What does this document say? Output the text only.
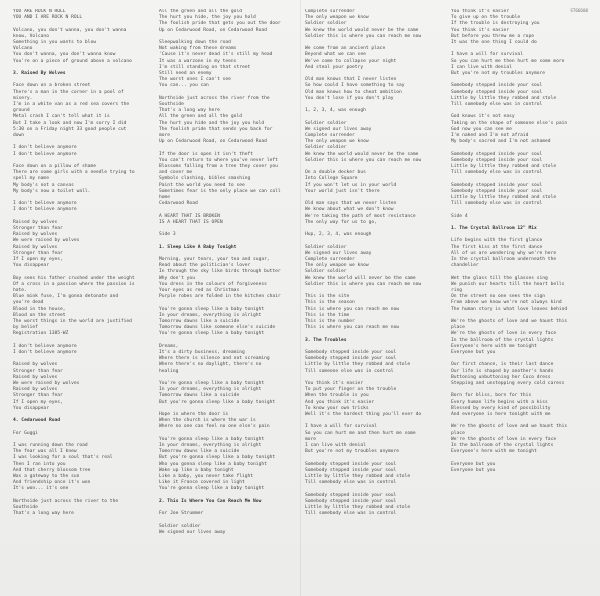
ST66608
YOU ARE ROCK N ROLL
YOU AND I ARE ROCK N ROLL
Volcano, you don't wanna, you don't wanna
know, Volcano
Something in you wants to blow
Volcano
You don't wanna, you don't wanna know
You're on a piece of ground above a volcano
3. Raised By Wolves
Face down on a broken street
There's a man in the corner in a pool of
misery.
I'm in a white van as a red sea covers the
ground
Metal crash I can't tell what it is
But I take a look and now I'm sorry I did
5:30 on a Friday night 33 good people cut
down
I don't believe anymore
I don't believe anymore
Face down on a pillow of shame
There are some girls with a needle trying to
spell my name
My body's not a canvas
My body's now a toilet wall.
I don't believe anymore
I don't believe anymore
Raised by wolves
Stronger than fear
Raised by wolves
We were raised by wolves
Raised by wolves
Stronger than fear
If I open my eyes,
You disappear
Boy sees his father crushed under the weight
Of a cross in a passion where the passion is
hate.
Blue mink fuse, I'm gonna detonate and
you're dead
Blood in the house,
Blood on the street
The worst things in the world are justified
by belief
Registration 1385-WZ
I don't believe anymore
I don't believe anymore
Raised by wolves
Stronger than fear
Raised by wolves
We were raised by wolves
Raised by wolves
Stronger than fear
If I open my eyes,
You disappear
4. Cedarwood Road
For Guggi
I was running down the road
The fear was all I knew
I was looking for a soul that's real
Then I ran into you
And that cherry blossom tree
Was a gateway to the sun
And friendship once it's won
It's won... it's one
Northside just across the river to the
Southside
That's a long way here
All the green and all the gold
The hurt you hide, the joy you hold
The foolish pride that gets you out the door
Up on Cedarwood Road, on Cedarwood Road
Sleepwalking down the road
Not waking from these dreams
'Cause it's never dead it's still my head
It was a warzone in my teens
I'm still standing on that street
Still need an enemy
The worst ones I can't see
You can... you can
Northside just across the river from the
Southside
That's a long way here
All the green and all the gold
The hurt you hide and the joy you hold
The foolish pride that sends you back for
more
Up on Cedarwood Road, on Cedarwood Road
If the door is open it isn't theft
You can't return to where you've never left
Blossoms falling from a tree they cover you
and cover me
Symbols clashing, bibles smashing
Paint the world you need to see
Sometimes fear is the only place we can call
home
Cedarwood Road
A HEART THAT IS BROKEN
IS A HEART THAT IS OPEN
Side 3
1. Sleep Like A Baby Tonight
Morning, your tears, your tea and sugar,
Read about the politician's lover
In through the sky like birds through butter
Why don't you
You dress in the colours of forgiveness
Your eyes as red as Christmas
Purple robes are folded in the kitchen chair
You're gonna sleep like a baby tonight
In your dreams, everything is alright
Tomorrow dawns like a suicide
Tomorrow dawns like someone else's suicide
You're gonna sleep like a baby tonight
Dreams,
It's a dirty business, dreaming
Where there is silence and not screaming
Where there's no daylight, there's no
healing
You're gonna sleep like a baby tonight
In your dreams, everything is alright
Tomorrow dawns like a suicide
But you're gonna sleep like a baby tonight
Hope is where the door is
When the church is where the war is
Where no one can feel no one else's pain
You're gonna sleep like a baby tonight
In your dreams, everything is alright
Tomorrow dawns like a suicide
But you're gonna sleep like a baby tonight
Who you gonna sleep like a baby tonight
Wake up like a baby tonight
Like a baby, you never take flight
Like it France covered in light
You're gonna sleep like a baby tonight
2. This Is Where You Can Reach Me Now
For Joe Strummer
Soldier soldier
We signed our lives away
Complete surrender
The only weapon we know
Soldier soldier
We knew the world would never be the same
Soldier this is where you can reach me now
We come from an ancient place
Beyond what we can see
We've come to collapse your night
And steal your poetry
Old man knows that I never listen
So how could I have something to say
Old man knows how to cheat ambition
You don't lose if you don't play
1, 2, 3, 4, was enough
Soldier soldier
We signed our lives away
Complete surrender
The only weapon we know
Soldier soldier
We knew the world would never be the same
Soldier this is where you can reach me now
On a double decker bus
Into College Square
If you won't let us in your world
Your world just isn't there
Old man says that we never listen
We know about what we don't know
We're taking the path of most resistance
The only way for us to go,
Hup, 2, 3, 4, was enough
Soldier soldier
We signed our lives away
Complete surrender
The only weapon we know
Soldier soldier
We knew the world will never be the same
Soldier this is where you can reach me now
This is the site
This is the season
This is where you can reach me now
This is the time
This is the number
This is where you can reach me now
3. The Troubles
Somebody stepped inside your soul
Somebody stepped inside your soul
Little by little they robbed and stole
Till someone else was in control
You think it's easier
To put your finger on the trouble
When the trouble is you
And you think it's easier
To know your own tricks
Well it's the hardest thing you'll ever do
I have a will for survival
So you can hurt me and then hurt me some
more
I can live with denial
But you're not my troubles anymore
Somebody stepped inside your soul
Somebody stepped inside your soul
Little by little they robbed and stole
Till somebody else was in control
Somebody stepped inside your soul
Somebody stepped inside your soul
Little by little they robbed and stole
Till somebody else was in control
You think it's easier
To give up on the trouble
If the trouble is destroying you
You think it's easier
But before you threw me a rope
It was the one thing I could do
I have a will for survival
So you can hurt me then hurt me some more
I can live with denial
But you're not my troubles anymore
Somebody stepped inside your soul
Somebody stepped inside your soul
Little by little they robbed and stole
Till somebody else was in control
God knows it's not easy
Taking on the shape of someone else's pain
God now you can see me
I'm naked and I'm not afraid
My body's sacred and I'm not ashamed
Somebody stepped inside your soul
Somebody stepped inside your soul
Little by little they robbed and stole
Till somebody else was in control
Somebody stepped inside your soul
Somebody stepped inside your soul
Little by little they robbed and stole
Till somebody else was in control
Side 4
1. The Crystal Ballroom 12" Mix
Life begins with the first glance
The first kiss at the first dance
All of us are wondering why we're here
In the crystal ballroom underneath the
chandelier
Wet the glass till the glasses sing
We punish our hearts till the heart bells
ring
On the street no one sees the sign
From above we know we're not always kind
The human story is what love leaves behind
We're the ghosts of love and we haunt this
place
We're the ghosts of love in every face
In the ballroom of the crystal lights
Everyone's here with me tonight
Everyone but you
Our first chance, is their last dance
Our life is shaped by another's hands
Buttoning unbuttoning her Coco dress
Stepping and unstepping every cold caress
Born for bliss, born for this
Every human life begins with a kiss
Blessed by every kind of possibility
And everyone is here tonight with me
We're the ghosts of love and we haunt this
place
We're the ghosts of love in every face
In the ballroom of the crystal lights
Everyone's here with me tonight
Everyone but you
Everyone but you
